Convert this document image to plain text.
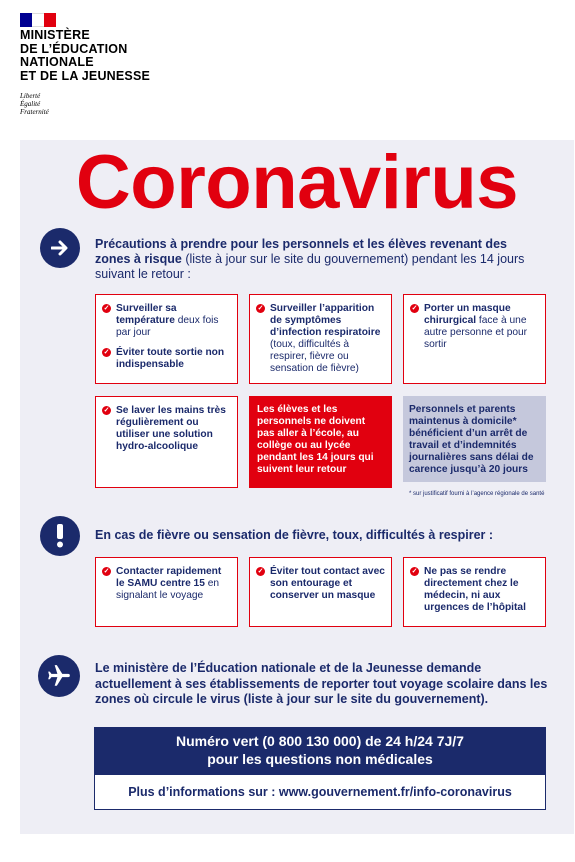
MINISTÈRE
DE L’ÉDUCATION
NATIONALE
ET DE LA JEUNESSE
Liberté
Égalité
Fraternité
Coronavirus
Précautions à prendre pour les personnels et les élèves revenant des zones à risque (liste à jour sur le site du gouvernement) pendant les 14 jours suivant le retour :
✓ Surveiller sa température deux fois par jour
✓ Éviter toute sortie non indispensable
✓ Surveiller l’apparition de symptômes d’infection respiratoire (toux, difficultés à respirer, fièvre ou sensation de fièvre)
✓ Porter un masque chirurgical face à une autre personne et pour sortir
✓ Se laver les mains très régulièrement ou utiliser une solution hydro-alcoolique
Les élèves et les personnels ne doivent pas aller à l’école, au collège ou au lycée pendant les 14 jours qui suivent leur retour
Personnels et parents maintenus à domicile* bénéficient d’un arrêt de travail et d’indemnités journalières sans délai de carence jusqu’à 20 jours
* sur justificatif fourni à l’agence régionale de santé
En cas de fièvre ou sensation de fièvre, toux, difficultés à respirer :
✓ Contacter rapidement le SAMU centre 15 en signalant le voyage
✓ Éviter tout contact avec son entourage et conserver un masque
✓ Ne pas se rendre directement chez le médecin, ni aux urgences de l’hôpital
Le ministère de l’Éducation nationale et de la Jeunesse demande actuellement à ses établissements de reporter tout voyage scolaire dans les zones où circule le virus (liste à jour sur le site du gouvernement).
Numéro vert (0 800 130 000) de 24 h/24 7J/7
pour les questions non médicales
Plus d’informations sur : www.gouvernement.fr/info-coronavirus
